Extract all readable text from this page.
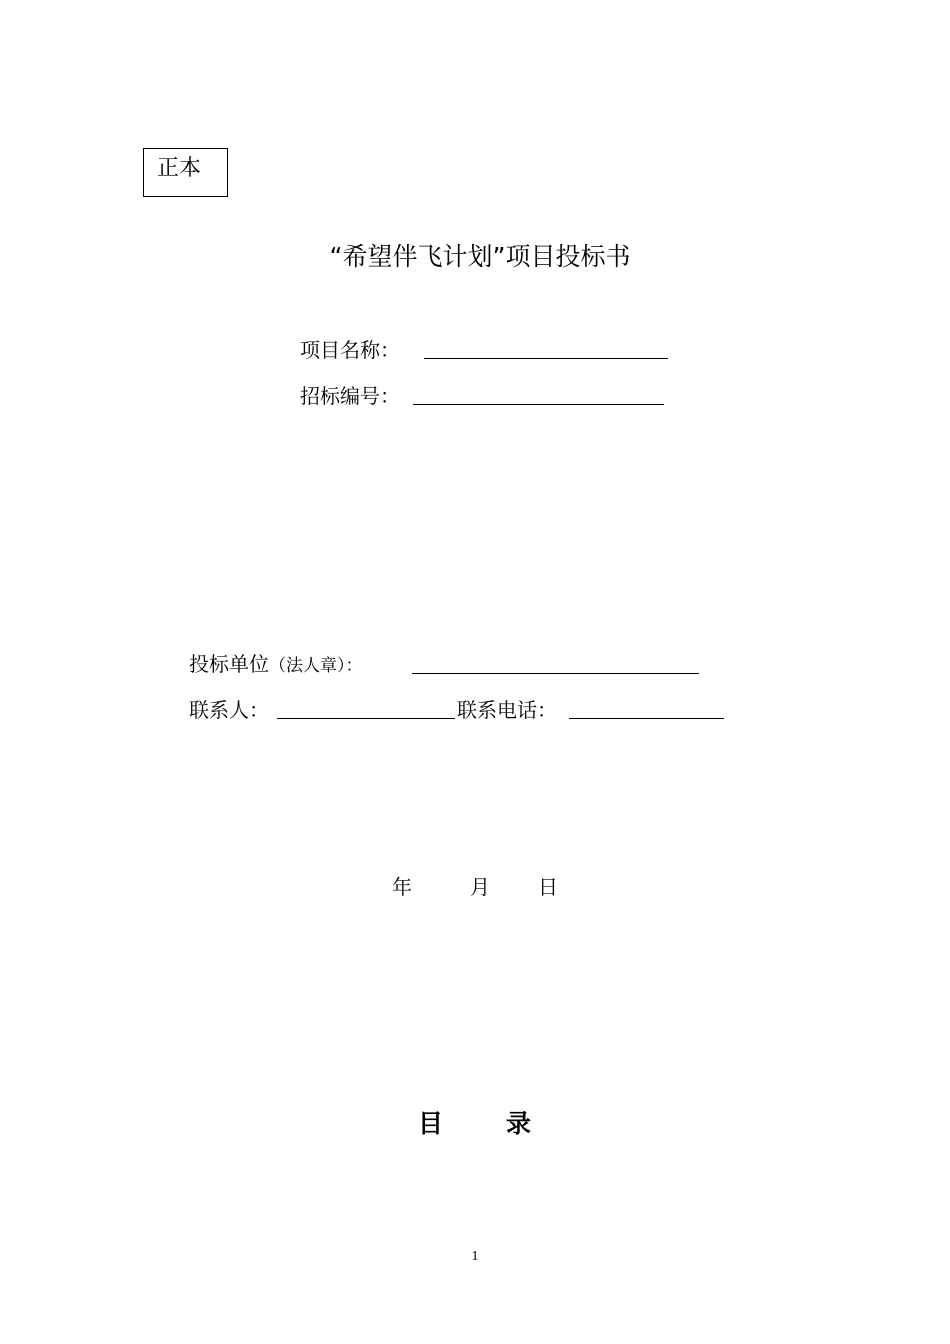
正本
“希望伴飞计划”项目投标书
项目名称：
招标编号：
投标单位（法人章）：
联系人：	联系电话：
年	月 日
目	录
1
